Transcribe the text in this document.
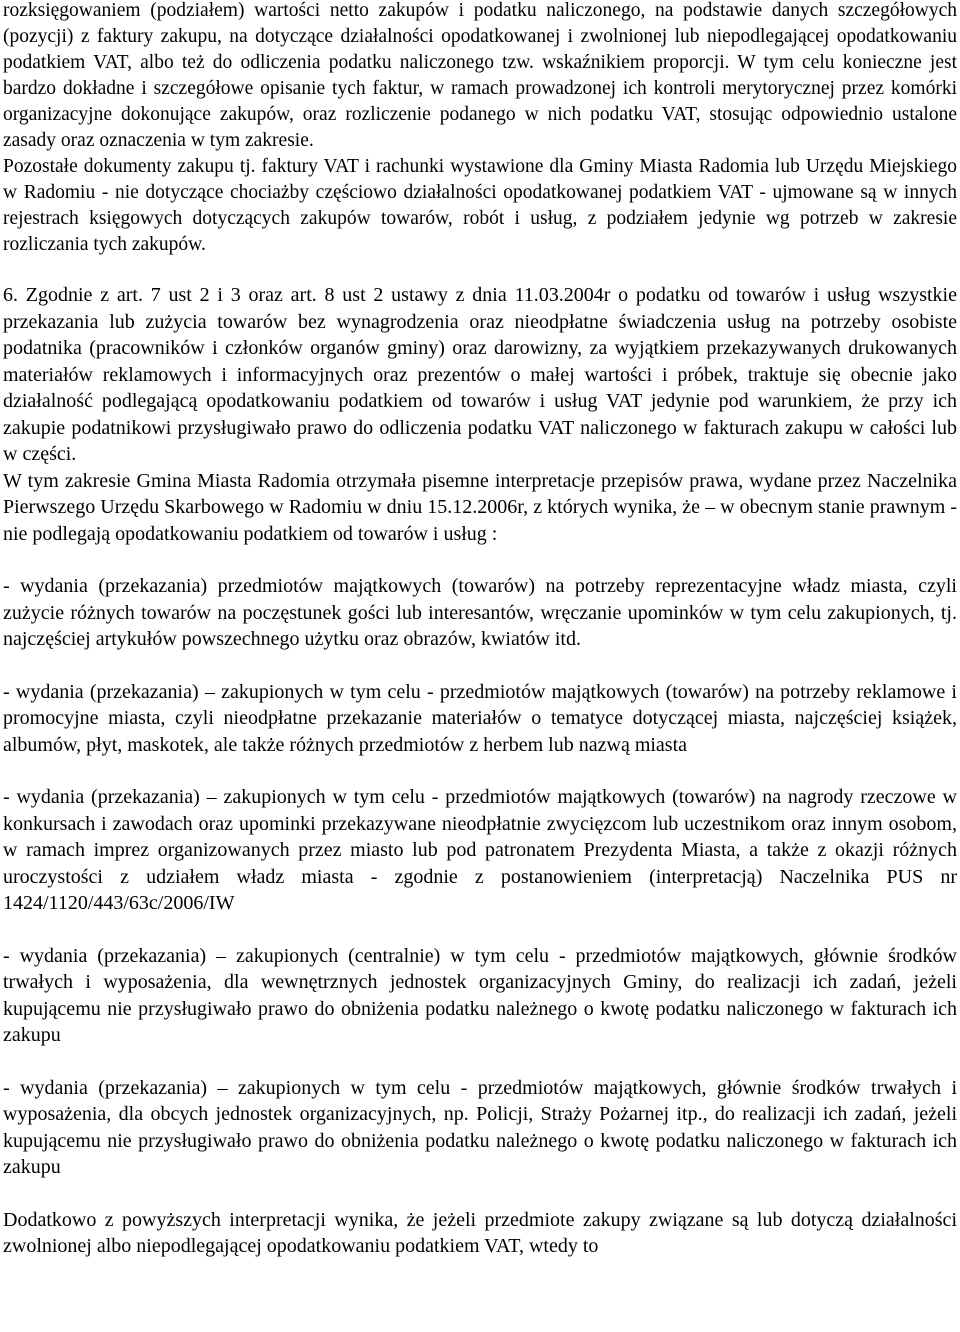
rozksięgowaniem (podziałem) wartości netto zakupów i podatku naliczonego, na podstawie danych szczegółowych (pozycji) z faktury zakupu, na dotyczące działalności opodatkowanej i zwolnionej lub niepodlegającej opodatkowaniu podatkiem VAT, albo też do odliczenia podatku naliczonego tzw. wskaźnikiem proporcji. W tym celu konieczne jest bardzo dokładne i szczegółowe opisanie tych faktur, w ramach prowadzonej ich kontroli merytorycznej przez komórki organizacyjne dokonujące zakupów, oraz rozliczenie podanego w nich podatku VAT, stosując odpowiednio ustalone zasady oraz oznaczenia w tym zakresie.

Pozostałe dokumenty zakupu tj. faktury VAT i rachunki wystawione dla Gminy Miasta Radomia lub Urzędu Miejskiego w Radomiu - nie dotyczące chociażby częściowo działalności opodatkowanej podatkiem VAT - ujmowane są w innych rejestrach księgowych dotyczących zakupów towarów, robót i usług, z podziałem jedynie wg potrzeb w zakresie rozliczania tych zakupów.

6. Zgodnie z art. 7 ust 2 i 3 oraz art. 8 ust 2 ustawy z dnia 11.03.2004r o podatku od towarów i usług wszystkie przekazania lub zużycia towarów bez wynagrodzenia oraz nieodpłatne świadczenia usług na potrzeby osobiste podatnika (pracowników i członków organów gminy) oraz darowizny, za wyjątkiem przekazywanych drukowanych materiałów reklamowych i informacyjnych oraz prezentów o małej wartości i próbek, traktuje się obecnie jako działalność podlegającą opodatkowaniu podatkiem od towarów i usług VAT jedynie pod warunkiem, że przy ich zakupie podatnikowi przysługiwało prawo do odliczenia podatku VAT naliczonego w fakturach zakupu w całości lub w części.

W tym zakresie Gmina Miasta Radomia otrzymała pisemne interpretacje przepisów prawa, wydane przez Naczelnika Pierwszego Urzędu Skarbowego w Radomiu w dniu 15.12.2006r, z których wynika, że – w obecnym stanie prawnym - nie podlegają opodatkowaniu podatkiem od towarów i usług :

- wydania (przekazania) przedmiotów majątkowych (towarów) na potrzeby reprezentacyjne władz miasta, czyli zużycie różnych towarów na poczęstunek gości lub interesantów, wręczanie upominków w tym celu zakupionych, tj. najczęściej artykułów powszechnego użytku oraz obrazów, kwiatów itd.

- wydania (przekazania) – zakupionych w tym celu - przedmiotów majątkowych (towarów) na potrzeby reklamowe i promocyjne miasta, czyli nieodpłatne przekazanie materiałów o tematyce dotyczącej miasta, najczęściej książek, albumów, płyt, maskotek, ale także różnych przedmiotów z herbem lub nazwą miasta

- wydania (przekazania) – zakupionych w tym celu - przedmiotów majątkowych (towarów) na nagrody rzeczowe w konkursach i zawodach oraz upominki przekazywane nieodpłatnie zwycięzcom lub uczestnikom oraz innym osobom, w ramach imprez organizowanych przez miasto lub pod patronatem Prezydenta Miasta, a także z okazji różnych uroczystości z udziałem władz miasta - zgodnie z postanowieniem (interpretacją) Naczelnika PUS nr 1424/1120/443/63c/2006/IW

- wydania (przekazania) – zakupionych (centralnie) w tym celu - przedmiotów majątkowych, głównie środków trwałych i wyposażenia, dla wewnętrznych jednostek organizacyjnych Gminy, do realizacji ich zadań, jeżeli kupującemu nie przysługiwało prawo do obniżenia podatku należnego o kwotę podatku naliczonego w fakturach ich zakupu

- wydania (przekazania) – zakupionych w tym celu - przedmiotów majątkowych, głównie środków trwałych i wyposażenia, dla obcych jednostek organizacyjnych, np. Policji, Straży Pożarnej itp., do realizacji ich zadań, jeżeli kupującemu nie przysługiwało prawo do obniżenia podatku należnego o kwotę podatku naliczonego w fakturach ich zakupu

Dodatkowo z powyższych interpretacji wynika, że jeżeli przedmiote zakupy związane są lub dotyczą działalności zwolnionej albo niepodlegającej opodatkowaniu podatkiem VAT, wtedy to
